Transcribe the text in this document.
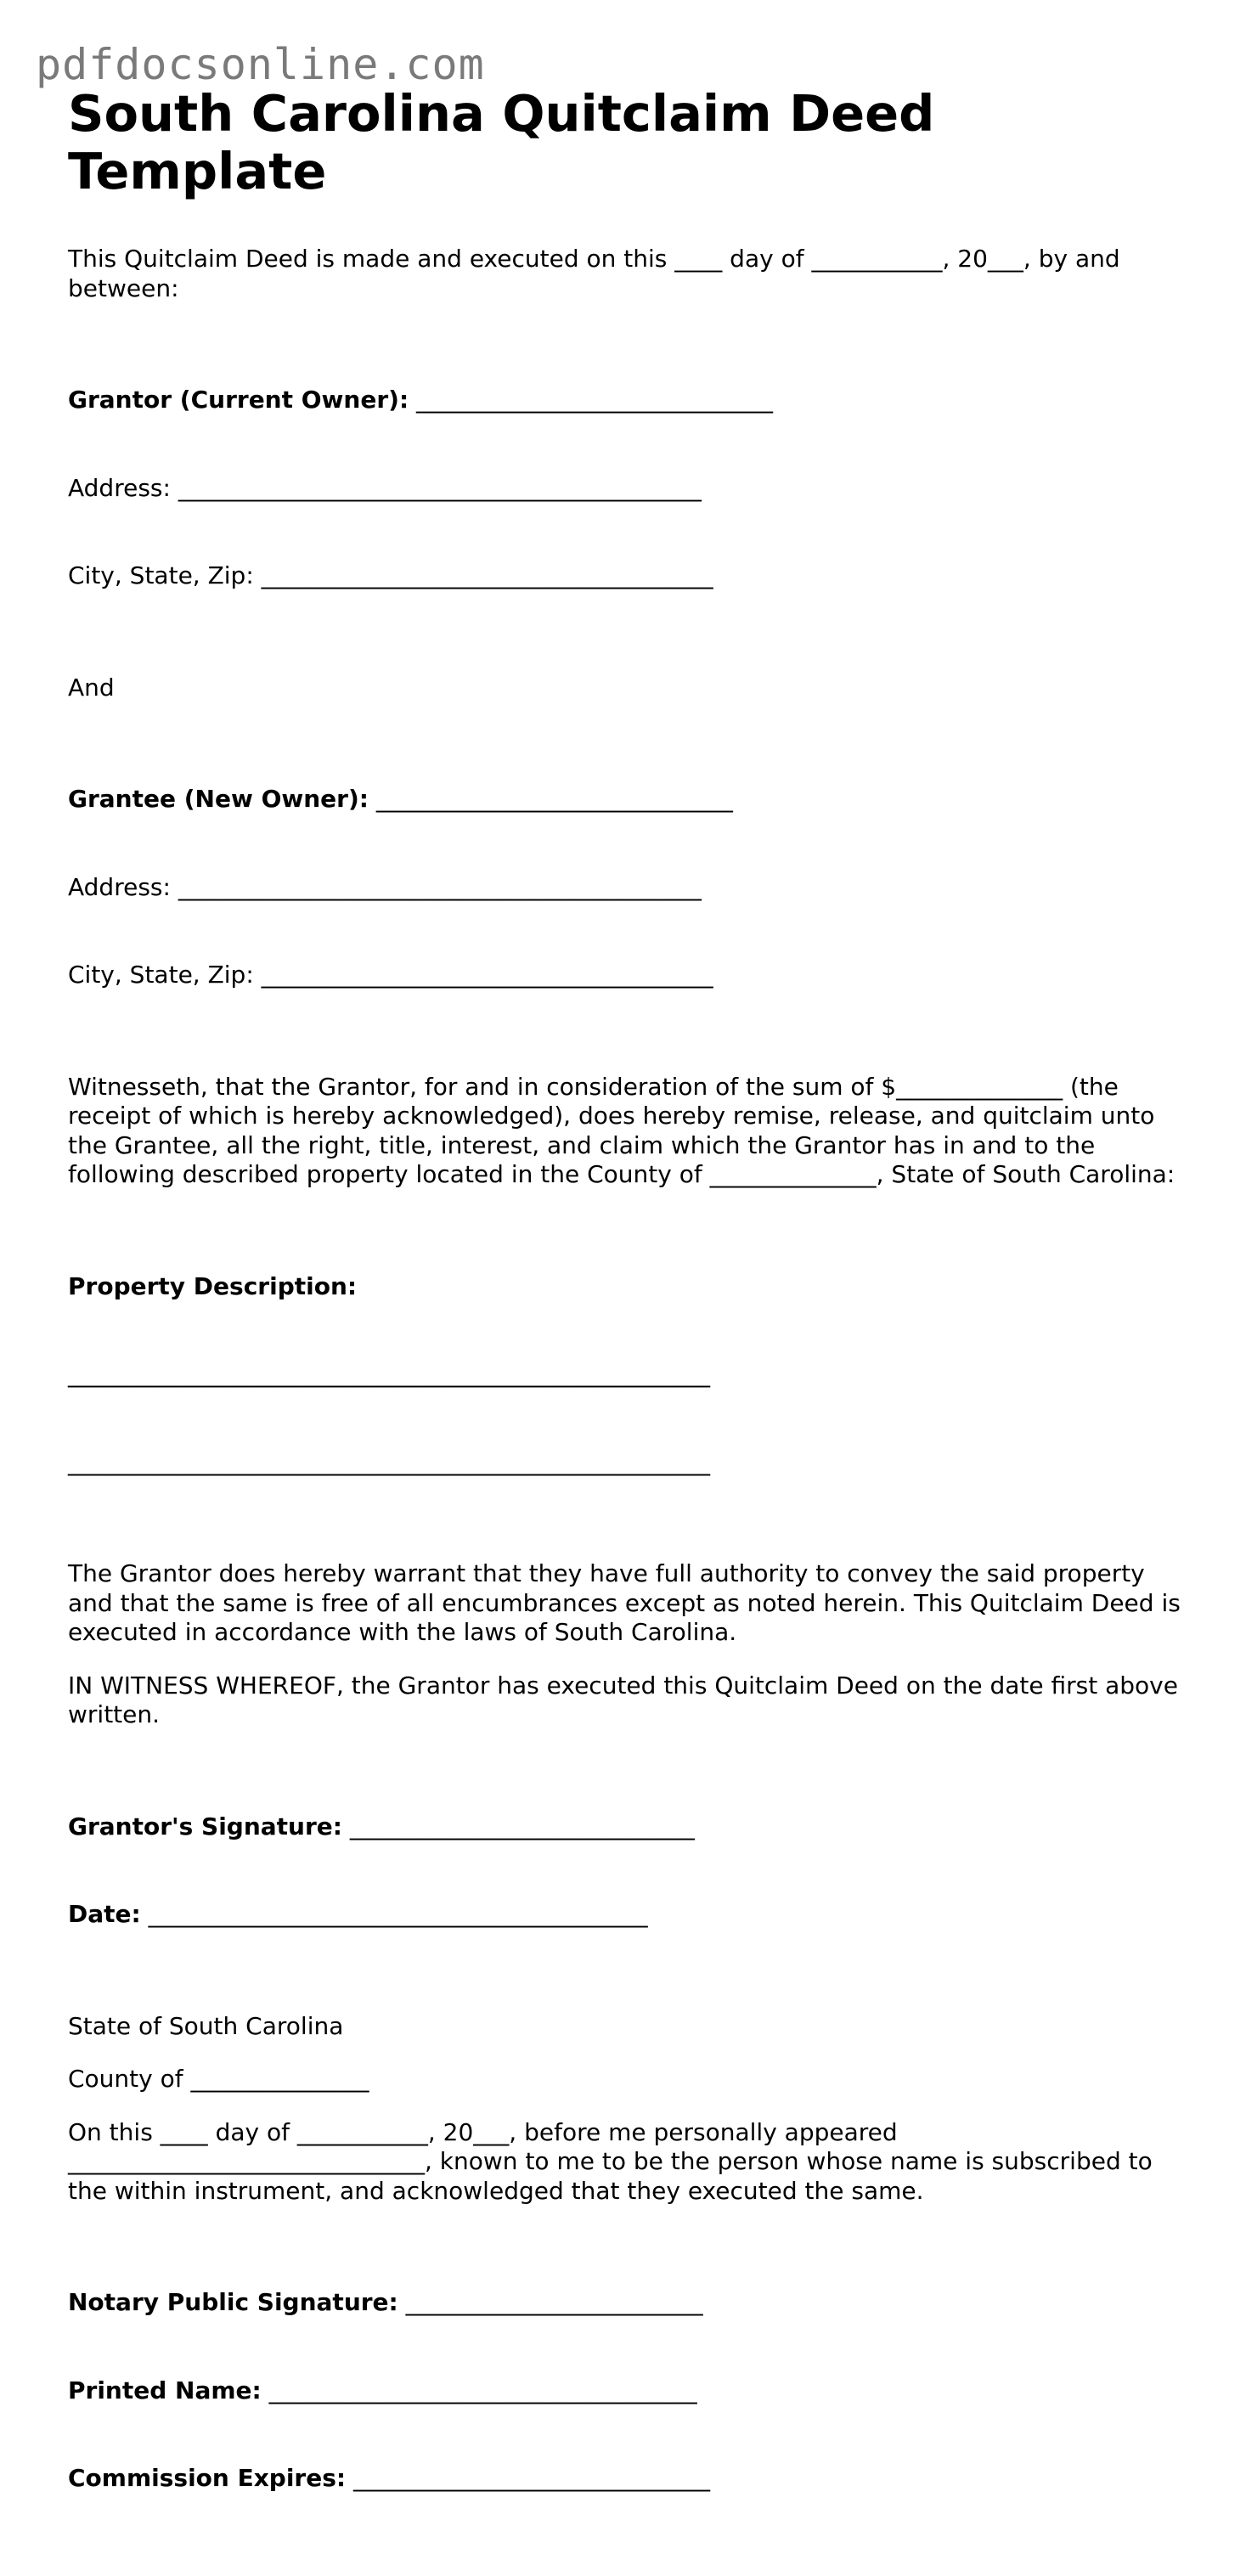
pdfdocsonline.com
South Carolina Quitclaim Deed Template
This Quitclaim Deed is made and executed on this ____ day of ___________, 20___, by and between:

Grantor (Current Owner): ______________________________

Address: ____________________________________________

City, State, Zip: ______________________________________

And

Grantee (New Owner): ______________________________

Address: ____________________________________________

City, State, Zip: ______________________________________

Witnesseth, that the Grantor, for and in consideration of the sum of $______________ (the receipt of which is hereby acknowledged), does hereby remise, release, and quitclaim unto the Grantee, all the right, title, interest, and claim which the Grantor has in and to the following described property located in the County of ______________, State of South Carolina:

Property Description:

______________________________________________________

______________________________________________________

The Grantor does hereby warrant that they have full authority to convey the said property and that the same is free of all encumbrances except as noted herein. This Quitclaim Deed is executed in accordance with the laws of South Carolina.
IN WITNESS WHEREOF, the Grantor has executed this Quitclaim Deed on the date first above written.

Grantor's Signature: _____________________________

Date: __________________________________________

State of South Carolina
County of _______________
On this ____ day of ___________, 20___, before me personally appeared ______________________________, known to me to be the person whose name is subscribed to the within instrument, and acknowledged that they executed the same.

Notary Public Signature: _________________________

Printed Name: ____________________________________

Commission Expires: ______________________________
